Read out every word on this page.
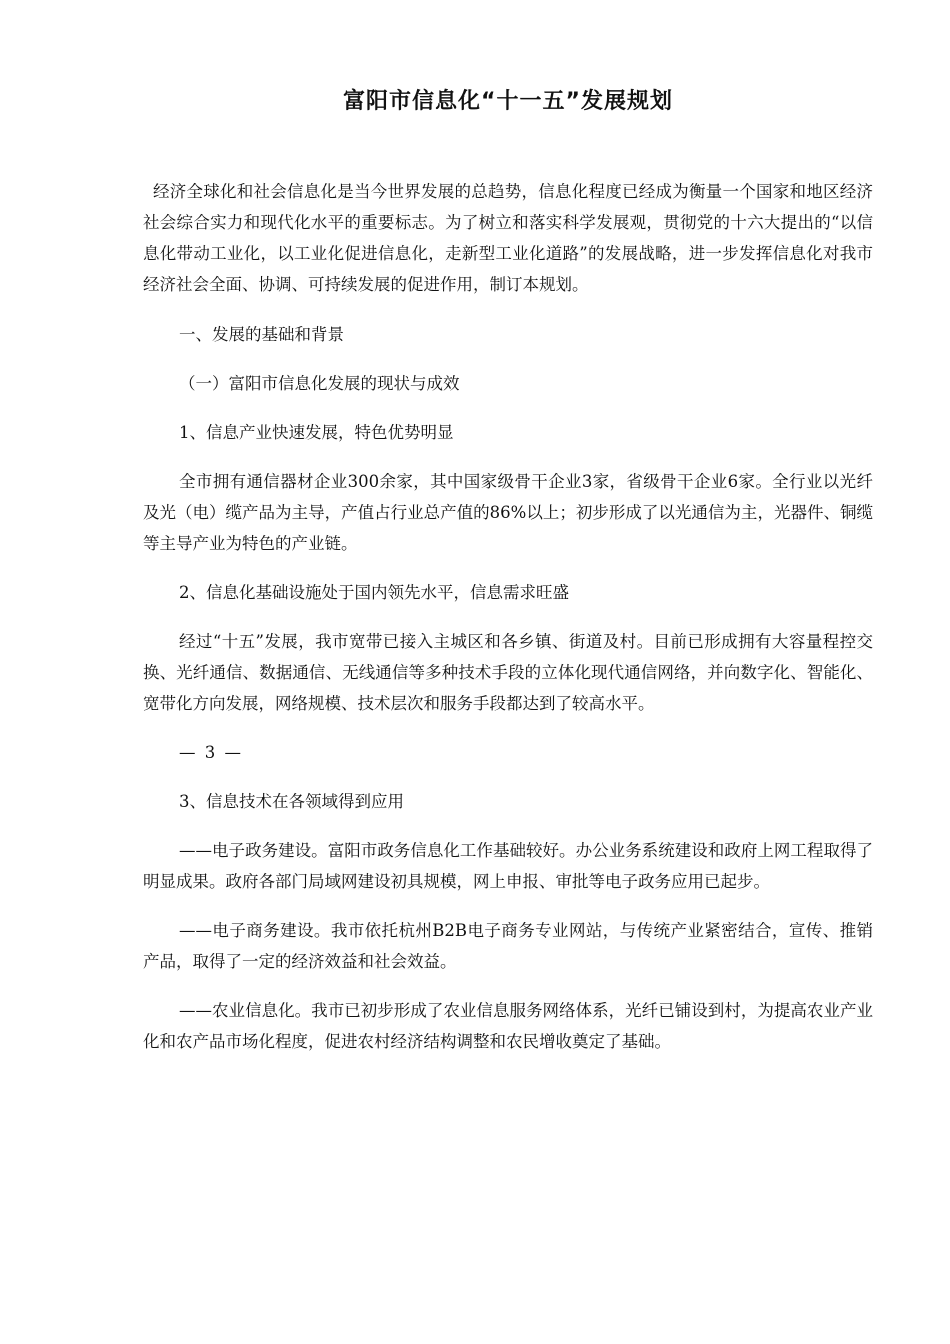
富阳市信息化“十一五”发展规划

经济全球化和社会信息化是当今世界发展的总趋势，信息化程度已经成为衡量一个国家和地区经济社会综合实力和现代化水平的重要标志。为了树立和落实科学发展观，贯彻党的十六大提出的“以信息化带动工业化，以工业化促进信息化，走新型工业化道路”的发展战略，进一步发挥信息化对我市经济社会全面、协调、可持续发展的促进作用，制订本规划。

一、发展的基础和背景

（一）富阳市信息化发展的现状与成效

1、信息产业快速发展，特色优势明显

全市拥有通信器材企业300余家，其中国家级骨干企业3家，省级骨干企业6家。全行业以光纤及光（电）缆产品为主导，产值占行业总产值的86%以上；初步形成了以光通信为主，光器件、铜缆等主导产业为特色的产业链。

2、信息化基础设施处于国内领先水平，信息需求旺盛

经过“十五”发展，我市宽带已接入主城区和各乡镇、街道及村。目前已形成拥有大容量程控交换、光纤通信、数据通信、无线通信等多种技术手段的立体化现代通信网络，并向数字化、智能化、宽带化方向发展，网络规模、技术层次和服务手段都达到了较高水平。

— 3 —

3、信息技术在各领域得到应用

——电子政务建设。富阳市政务信息化工作基础较好。办公业务系统建设和政府上网工程取得了明显成果。政府各部门局域网建设初具规模，网上申报、审批等电子政务应用已起步。

——电子商务建设。我市依托杭州B2B电子商务专业网站，与传统产业紧密结合，宣传、推销产品，取得了一定的经济效益和社会效益。

——农业信息化。我市已初步形成了农业信息服务网络体系，光纤已铺设到村，为提高农业产业化和农产品市场化程度，促进农村经济结构调整和农民增收奠定了基础。
